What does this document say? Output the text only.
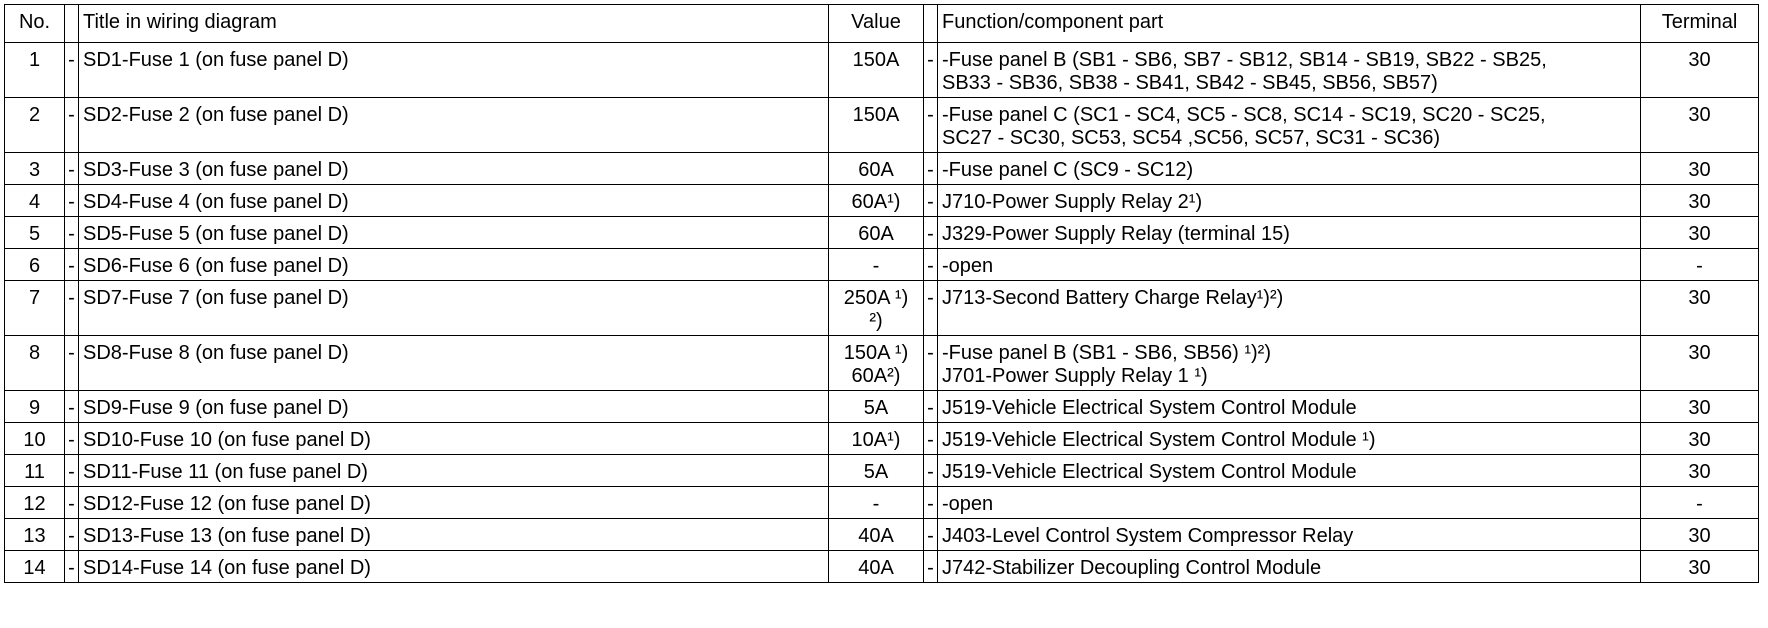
No.		Title in wiring diagram	Value		Function/component part	Terminal
1	-	SD1-Fuse 1 (on fuse panel D)	150A	-	-Fuse panel B (SB1 - SB6, SB7 - SB12, SB14 - SB19, SB22 - SB25,
SB33 - SB36, SB38 - SB41, SB42 - SB45, SB56, SB57)	30
2	-	SD2-Fuse 2 (on fuse panel D)	150A	-	-Fuse panel C (SC1 - SC4, SC5 - SC8, SC14 - SC19, SC20 - SC25,
SC27 - SC30, SC53, SC54 ,SC56, SC57, SC31 - SC36)	30
3	-	SD3-Fuse 3 (on fuse panel D)	60A	-	-Fuse panel C (SC9 - SC12)	30
4	-	SD4-Fuse 4 (on fuse panel D)	60A¹)	-	J710-Power Supply Relay 2¹)	30
5	-	SD5-Fuse 5 (on fuse panel D)	60A	-	J329-Power Supply Relay (terminal 15)	30
6	-	SD6-Fuse 6 (on fuse panel D)	-	-	-open	-
7	-	SD7-Fuse 7 (on fuse panel D)	250A ¹)
²)	-	J713-Second Battery Charge Relay¹)²)	30
8	-	SD8-Fuse 8 (on fuse panel D)	150A ¹)
60A²)	-	-Fuse panel B (SB1 - SB6, SB56) ¹)²)
J701-Power Supply Relay 1 ¹)	30
9	-	SD9-Fuse 9 (on fuse panel D)	5A	-	J519-Vehicle Electrical System Control Module	30
10	-	SD10-Fuse 10 (on fuse panel D)	10A¹)	-	J519-Vehicle Electrical System Control Module ¹)	30
11	-	SD11-Fuse 11 (on fuse panel D)	5A	-	J519-Vehicle Electrical System Control Module	30
12	-	SD12-Fuse 12 (on fuse panel D)	-	-	-open	-
13	-	SD13-Fuse 13 (on fuse panel D)	40A	-	J403-Level Control System Compressor Relay	30
14	-	SD14-Fuse 14 (on fuse panel D)	40A	-	J742-Stabilizer Decoupling Control Module	30
